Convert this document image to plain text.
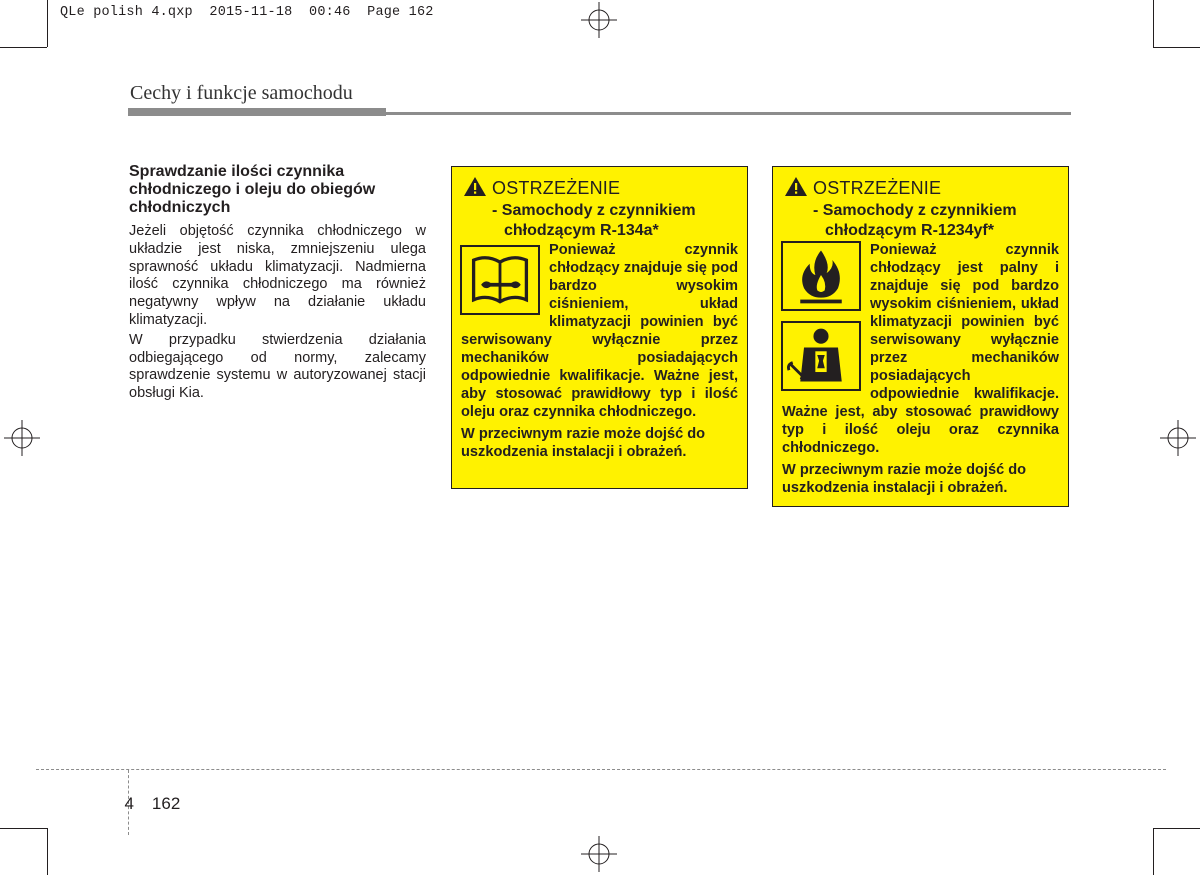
QLe polish 4.qxp  2015-11-18  00:46  Page 162
Cechy i funkcje samochodu
Sprawdzanie ilości czynnika chłodniczego i oleju do obiegów chłodniczych

Jeżeli objętość czynnika chłodniczego w układzie jest niska, zmniejszeniu ulega sprawność układu klimatyzacji. Nadmierna ilość czynnika chłodniczego ma również negatywny wpływ na działanie układu klimatyzacji.

W przypadku stwierdzenia działania odbiegającego od normy, zalecamy sprawdzenie systemu w autoryzowanej stacji obsługi Kia.

OSTRZEŻENIE
- Samochody z czynnikiem
chłodzącym R-134a*

Ponieważ czynnik chłodzący znajduje się pod bardzo wysokim ciśnieniem, układ klimatyzacji powinien być serwisowany wyłącznie przez mechaników posiadających odpowiednie kwalifikacje. Ważne jest, aby stosować prawidłowy typ i ilość oleju oraz czynnika chłodniczego.

W przeciwnym razie może dojść do uszkodzenia instalacji i obrażeń.

OSTRZEŻENIE
- Samochody z czynnikiem
chłodzącym R-1234yf*

Ponieważ czynnik chłodzący jest palny i znajduje się pod bardzo wysokim ciśnieniem, układ klimatyzacji powinien być serwisowany wyłącznie przez mechaników posiadających odpowiednie kwalifikacje. Ważne jest, aby stosować prawidłowy typ i ilość oleju oraz czynnika chłodniczego.

W przeciwnym razie może dojść do uszkodzenia instalacji i obrażeń.

4 162
